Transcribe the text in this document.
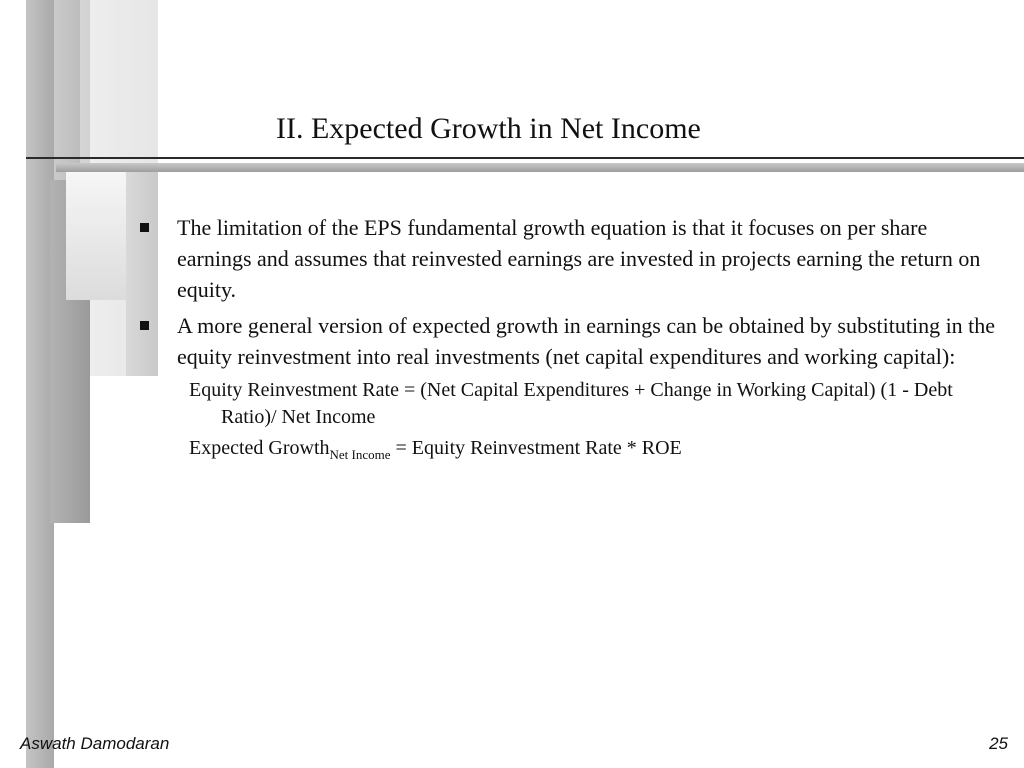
II. Expected Growth in Net Income
The limitation of the EPS fundamental growth equation is that it focuses on per share earnings and assumes that reinvested earnings are invested in projects earning the return on equity.
A more general version of expected growth in earnings can be obtained by substituting in the equity reinvestment into real investments (net capital expenditures and working capital):
Equity Reinvestment Rate = (Net Capital Expenditures + Change in Working Capital) (1 - Debt Ratio)/ Net Income
Expected Growth$_{Net Income}$ = Equity Reinvestment Rate * ROE
Aswath Damodaran	25
